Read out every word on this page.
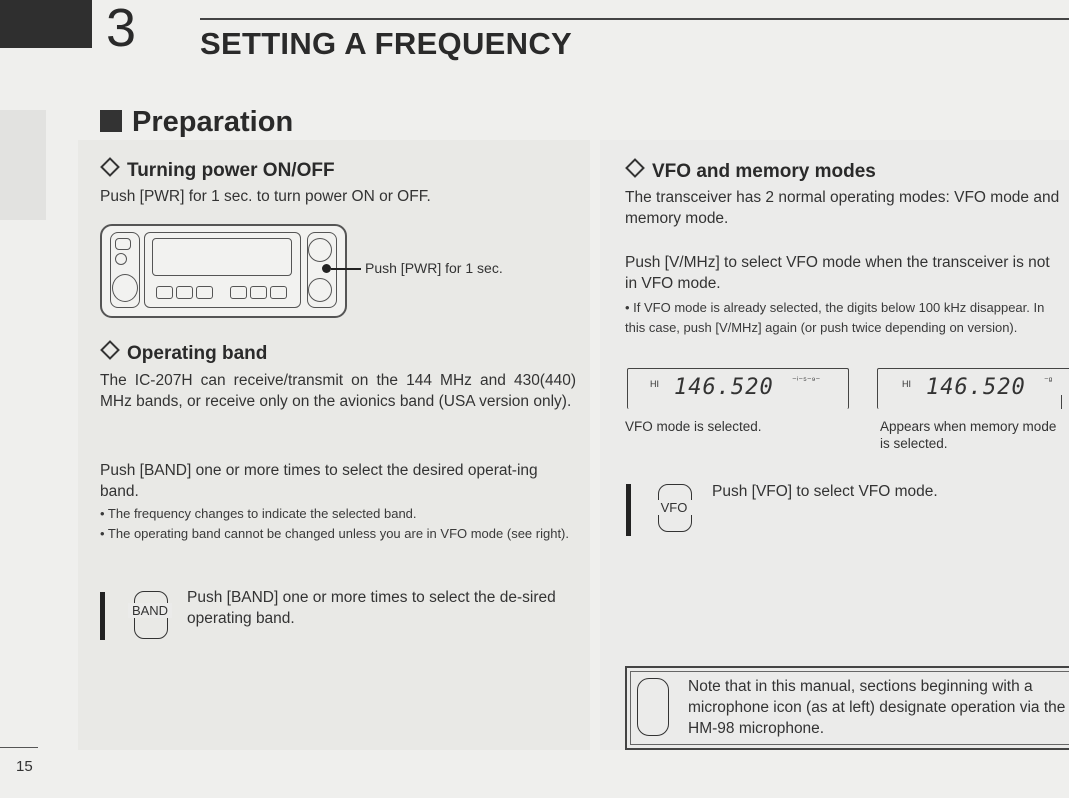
3 SETTING A FREQUENCY
Preparation
Turning power ON/OFF
Push [PWR] for 1 sec. to turn power ON or OFF.
Push [PWR] for 1 sec.
Operating band
The IC-207H can receive/transmit on the 144 MHz and 430(440) MHz bands, or receive only on the avionics band (USA version only).
Push [BAND] one or more times to select the desired operat-ing band.
• The frequency changes to indicate the selected band.
• The operating band cannot be changed unless you are in VFO mode (see right).
BAND
Push [BAND] one or more times to select the de-sired operating band.
VFO and memory modes
The transceiver has 2 normal operating modes: VFO mode and memory mode.
Push [V/MHz] to select VFO mode when the transceiver is not in VFO mode.
• If VFO mode is already selected, the digits below 100 kHz disappear. In this case, push [V/MHz] again (or push twice depending on version).
HI 146.520 ⁻ⁱ⁻⁵⁻⁹⁻
VFO mode is selected.
HI 146.520 ⁻ᵍ
Appears when memory mode is selected.
VFO
Push [VFO] to select VFO mode.
Note that in this manual, sections beginning with a microphone icon (as at left) designate operation via the HM-98 microphone.
15
